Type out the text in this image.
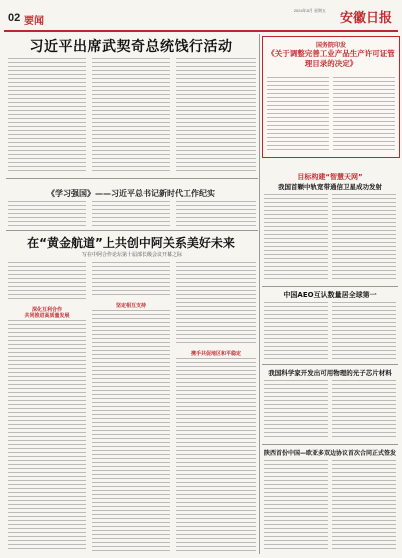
02 要闻
2024年8月 星期五
安徽日报
习近平出席武契奇总统饯行活动	国务院印发
《关于调整完善工业产品生产许可证管理目录的决定》
《学习强国》——习近平总书记新时代工作纪实
在“黄金航道”上共创中阿关系美好未来
写在中阿合作论坛第十届部长级会议开幕之际
深化互利合作
共同推进高质量发展
坚定相互支持
携手共促地区和平稳定
目标构建“智慧天网”
我国首颗中轨宽带通信卫星成功发射
中国AEO互认数量居全球第一
我国科学家开发出可用物理的光子芯片材料
陕西首份中国—欧亚多双边协议首次合同正式签发
